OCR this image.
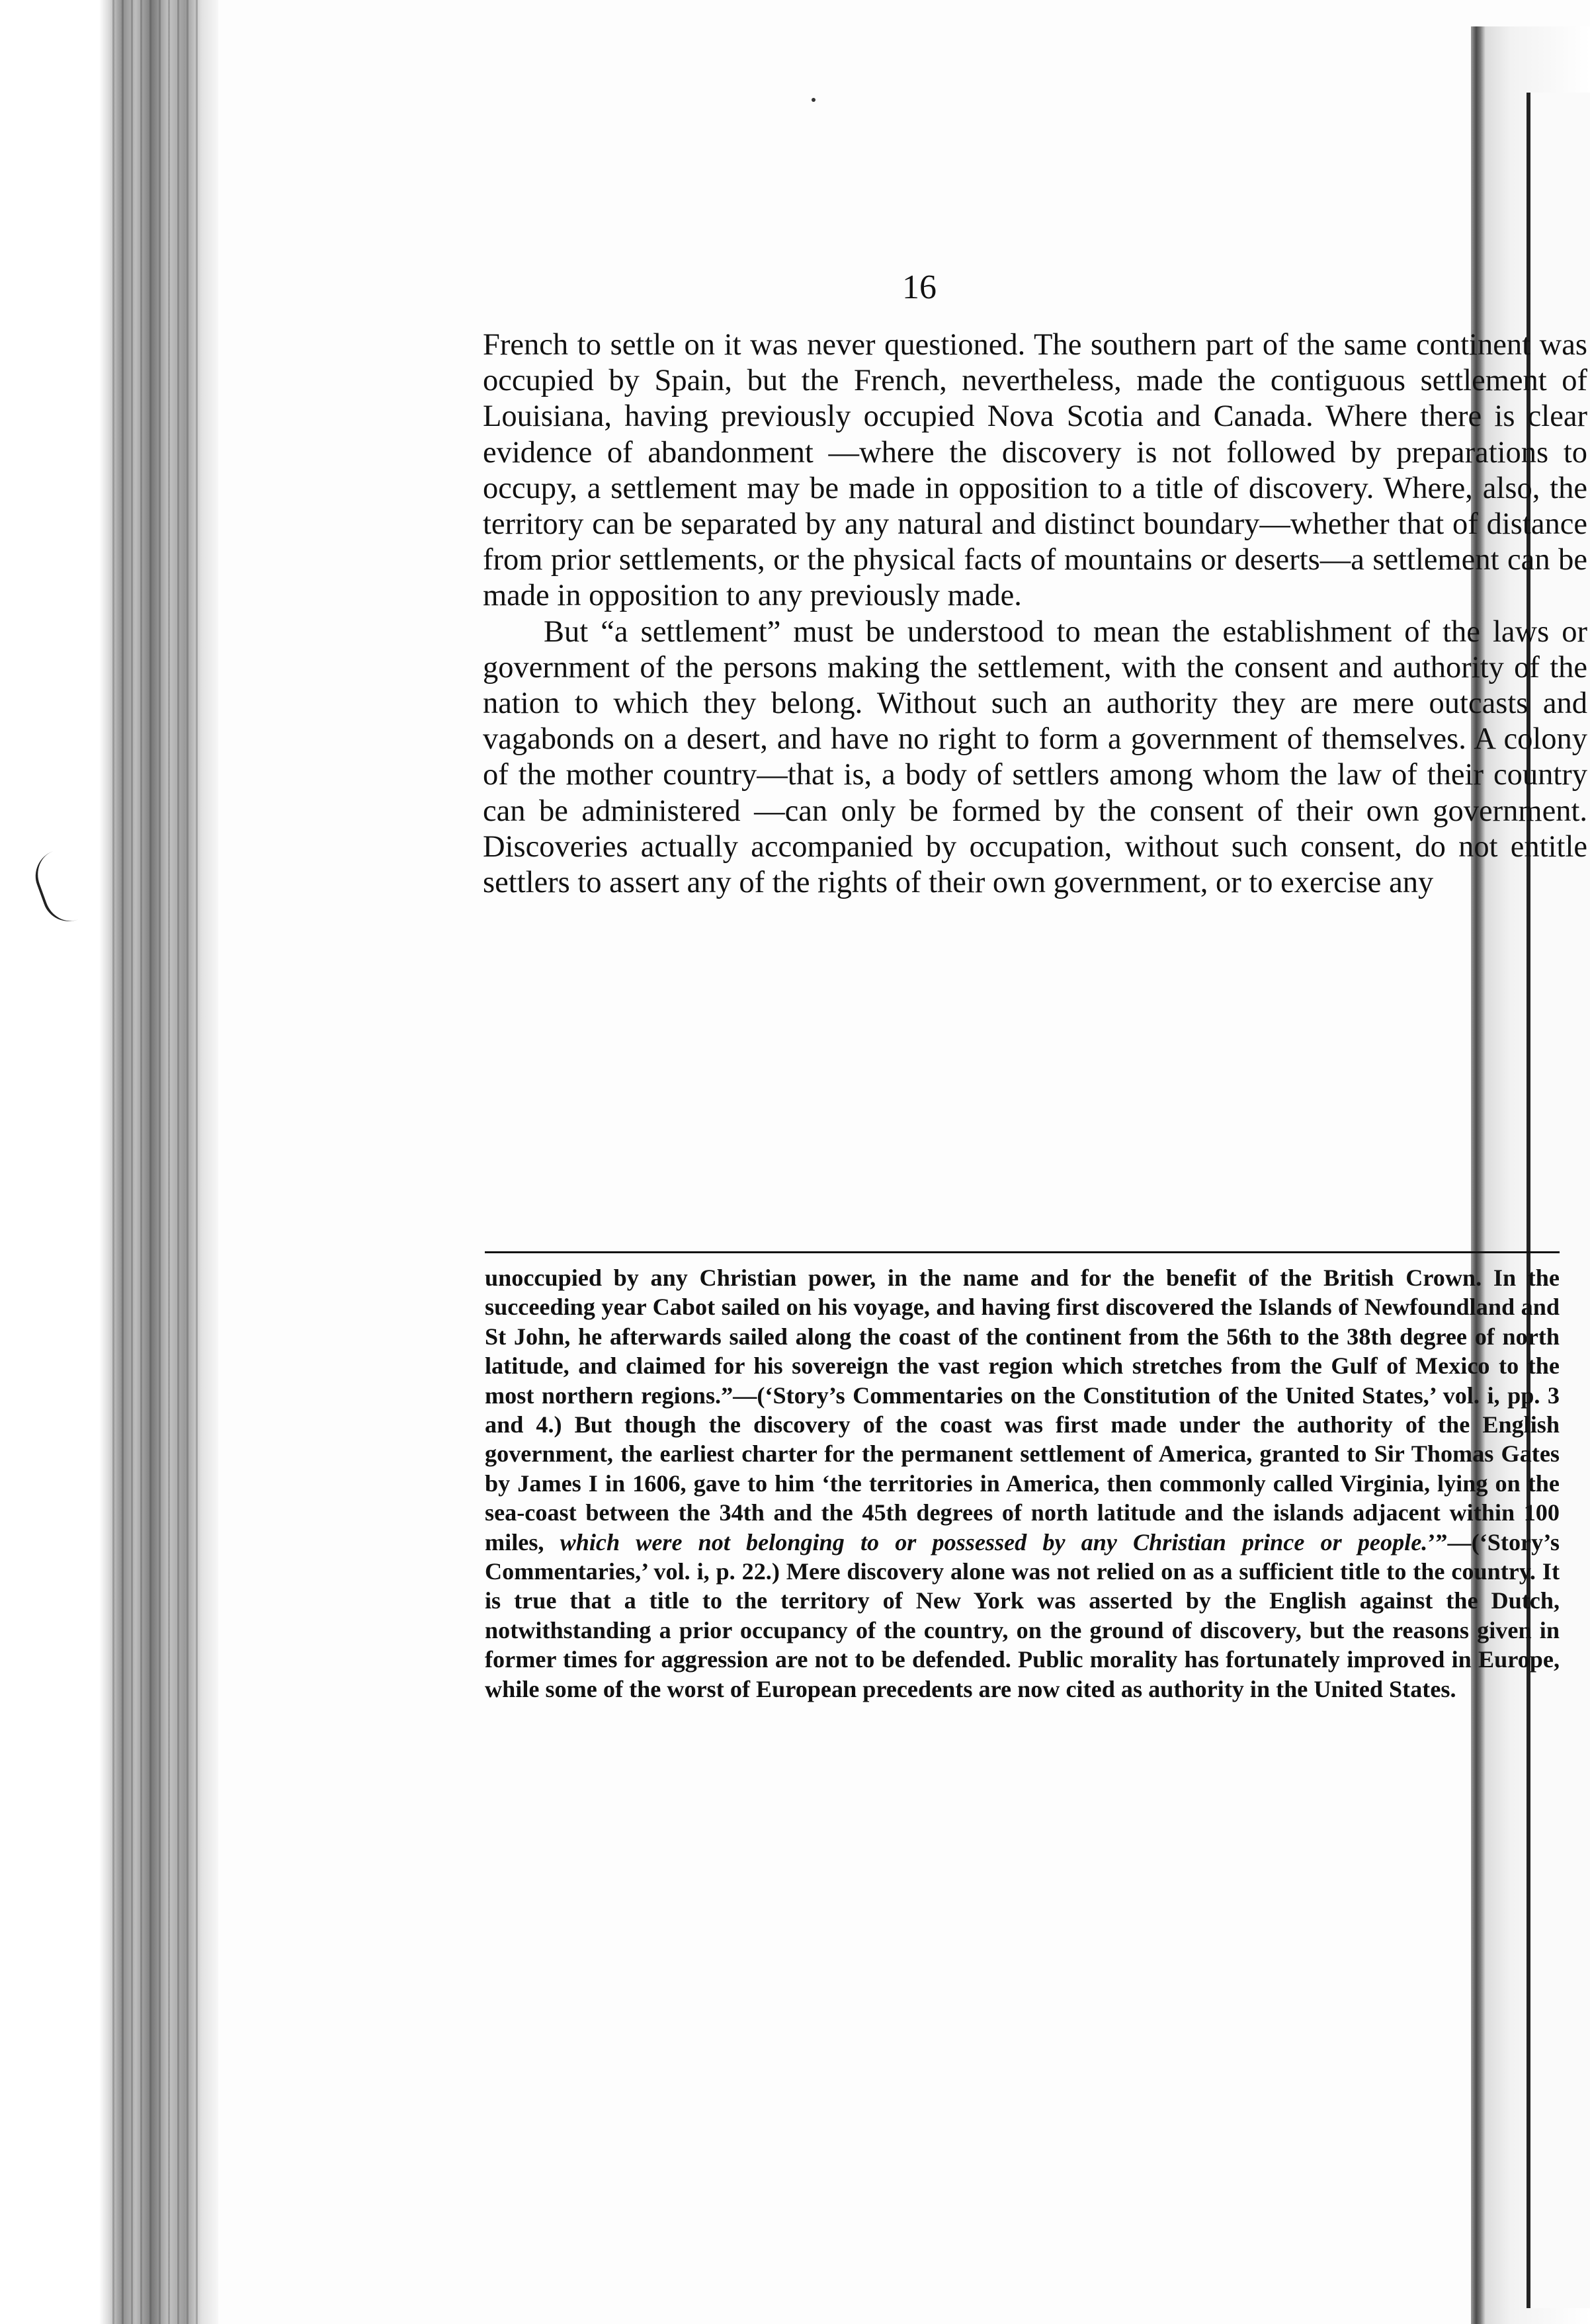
16

French to settle on it was never questioned. The southern part of the same continent was occupied by Spain, but the French, nevertheless, made the contiguous settlement of Louisiana, having previously occupied Nova Scotia and Canada. Where there is clear evidence of abandonment —where the discovery is not followed by preparations to occupy, a settlement may be made in opposition to a title of discovery. Where, also, the territory can be separated by any natural and distinct boundary—whether that of distance from prior settlements, or the physical facts of mountains or deserts—a settlement can be made in opposition to any previously made.

But “a settlement” must be understood to mean the establishment of the laws or government of the persons making the settlement, with the consent and authority of the nation to which they belong. Without such an authority they are mere outcasts and vagabonds on a desert, and have no right to form a government of themselves. A colony of the mother country—that is, a body of settlers among whom the law of their country can be administered —can only be formed by the consent of their own government. Discoveries actually accompanied by occupation, without such consent, do not entitle settlers to assert any of the rights of their own government, or to exercise any

unoccupied by any Christian power, in the name and for the benefit of the British Crown. In the succeeding year Cabot sailed on his voyage, and having first discovered the Islands of Newfoundland and St John, he afterwards sailed along the coast of the continent from the 56th to the 38th degree of north latitude, and claimed for his sovereign the vast region which stretches from the Gulf of Mexico to the most northern regions.”—(‘Story’s Commentaries on the Constitution of the United States,’ vol. i, pp. 3 and 4.) But though the discovery of the coast was first made under the authority of the English government, the earliest charter for the permanent settlement of America, granted to Sir Thomas Gates by James I in 1606, gave to him ‘the territories in America, then commonly called Virginia, lying on the sea-coast between the 34th and the 45th degrees of north latitude and the islands adjacent within 100 miles, which were not belonging to or possessed by any Christian prince or people.’”—(‘Story’s Commentaries,’ vol. i, p. 22.) Mere discovery alone was not relied on as a sufficient title to the country. It is true that a title to the territory of New York was asserted by the English against the Dutch, notwithstanding a prior occupancy of the country, on the ground of discovery, but the reasons given in former times for aggression are not to be defended. Public morality has fortunately improved in Europe, while some of the worst of European precedents are now cited as authority in the United States.
